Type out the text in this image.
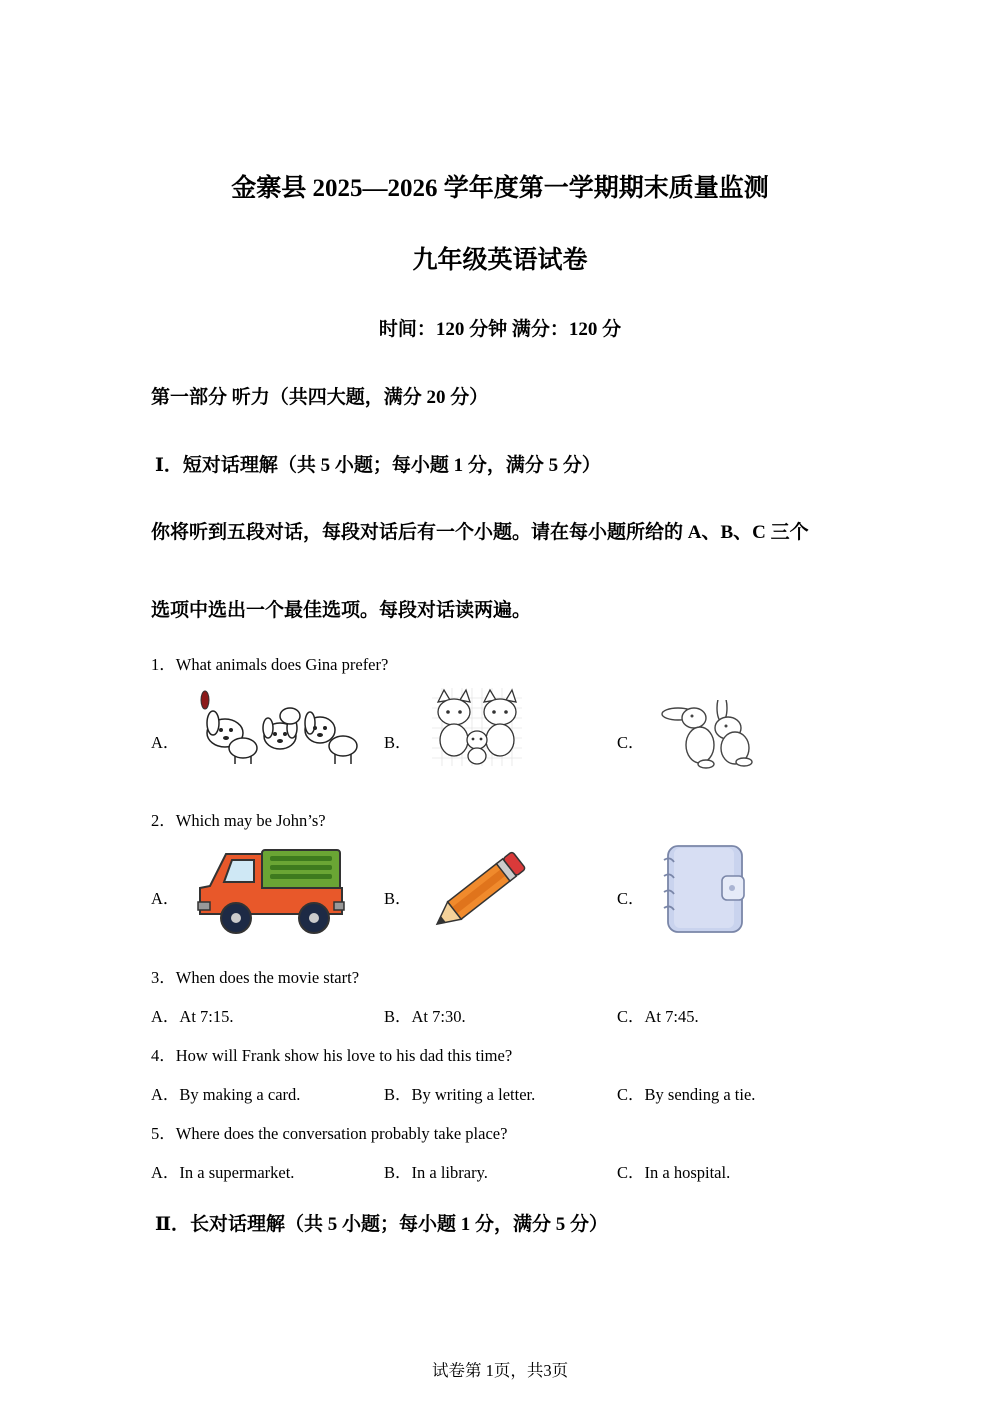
金寨县 2025—2026 学年度第一学期期末质量监测
九年级英语试卷
时间：120 分钟 满分：120 分
第一部分 听力（共四大题，满分 20 分）
Ⅰ．短对话理解（共 5 小题；每小题 1 分，满分 5 分）
你将听到五段对话，每段对话后有一个小题。请在每小题所给的 A、B、C 三个
选项中选出一个最佳选项。每段对话读两遍。
1．What animals does Gina prefer?
A．	B．	C．
2．Which may be John’s?
A．	B．	C．
3．When does the movie start?
A．At 7:15.	B．At 7:30.	C．At 7:45.
4．How will Frank show his love to his dad this time?
A．By making a card.	B．By writing a letter.	C．By sending a tie.
5．Where does the conversation probably take place?
A．In a supermarket.	B．In a library.	C．In a hospital.
Ⅱ．长对话理解（共 5 小题；每小题 1 分，满分 5 分）
试卷第 1页，共3页
